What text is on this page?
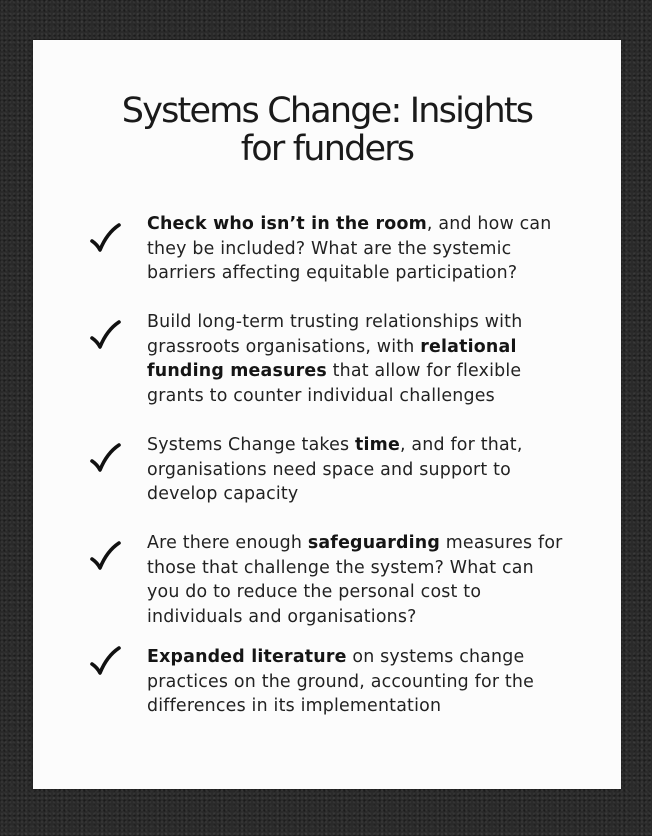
Systems Change: Insights
for funders

Check who isn’t in the room, and how can they be included? What are the systemic barriers affecting equitable participation?

Build long-term trusting relationships with grassroots organisations, with relational funding measures that allow for flexible grants to counter individual challenges

Systems Change takes time, and for that, organisations need space and support to develop capacity

Are there enough safeguarding measures for those that challenge the system? What can you do to reduce the personal cost to individuals and organisations?

Expanded literature on systems change practices on the ground, accounting for the differences in its implementation
